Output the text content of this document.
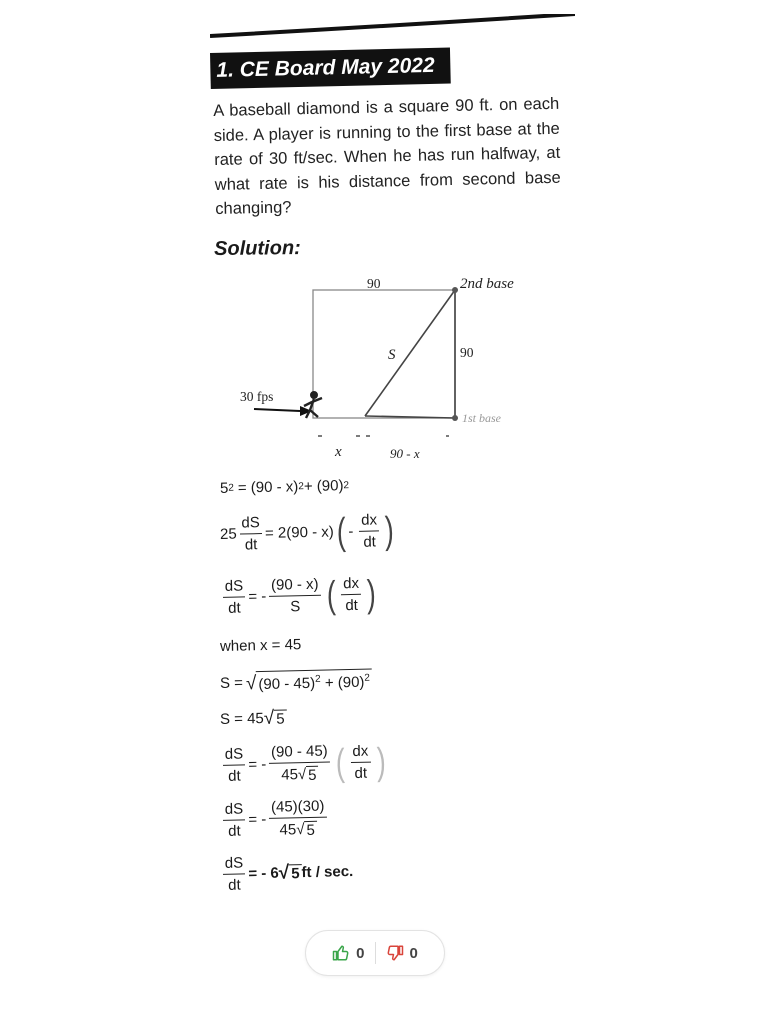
1. CE Board May 2022

A baseball diamond is a square 90 ft. on each side. A player is running to the first base at the rate of 30 ft/sec. When he has run halfway, at what rate is his distance from second base changing?

Solution:
90	2nd base
S	90
30 fps
1st base
x	90 - x
5 2 = (90 - x) 2 + (90) 2
$25 \frac{dS}{dt} = 2(90 - x)$ ( - $\frac{dx}{dt}$ )
$\frac{dS}{dt}$ = - $\frac{(90 - x)}{S}$ ( $\frac{dx}{dt}$ )
when x = 45
S = √ $(90 - 45)^2 + (90)^2$
S = 45 √ 5
$\frac{dS}{dt}$ = - $\frac{(90 - 45)}{45 √ 5}$ ( $\frac{dx}{dt}$ )
$\frac{dS}{dt}$ = - $\frac{(45)(30)}{45 √ 5}$
$\frac{dS}{dt}$ = - 6 √ 5 ft / sec.
0	0
